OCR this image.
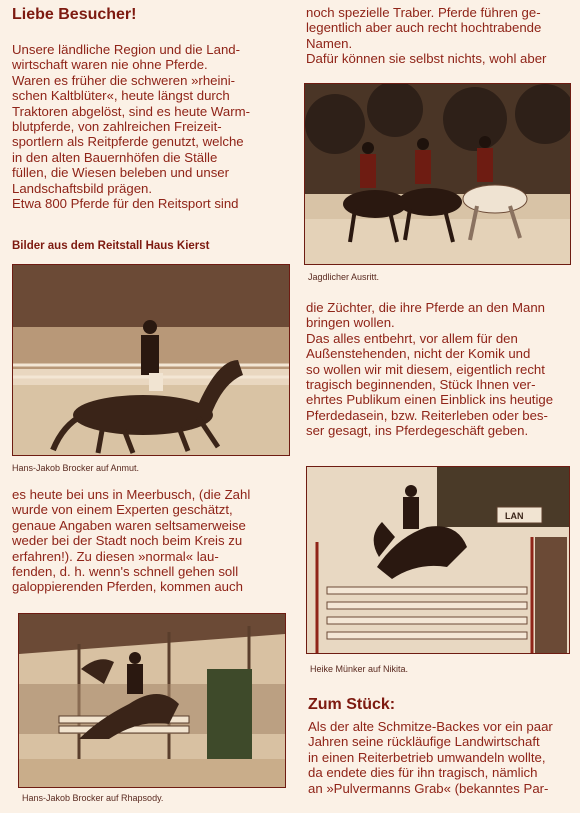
Liebe Besucher!
Unsere ländliche Region und die Land-
wirtschaft waren nie ohne Pferde.
Waren es früher die schweren »rheini-
schen Kaltblüter«, heute längst durch
Traktoren abgelöst, sind es heute Warm-
blutpferde, von zahlreichen Freizeit-
sportlern als Reitpferde genutzt, welche
in den alten Bauernhöfen die Ställe
füllen, die Wiesen beleben und unser
Landschaftsbild prägen.
Etwa 800 Pferde für den Reitsport sind
Bilder aus dem Reitstall Haus Kierst
Hans-Jakob Brocker auf Anmut.
es heute bei uns in Meerbusch, (die Zahl
wurde von einem Experten geschätzt,
genaue Angaben waren seltsamerweise
weder bei der Stadt noch beim Kreis zu
erfahren!). Zu diesen »normal« lau-
fenden, d. h. wenn's schnell gehen soll
galoppierenden Pferden, kommen auch
Hans-Jakob Brocker auf Rhapsody.
noch spezielle Traber. Pferde führen ge-
legentlich aber auch recht hochtrabende
Namen.
Dafür können sie selbst nichts, wohl aber
Jagdlicher Ausritt.
die Züchter, die ihre Pferde an den Mann
bringen wollen.
Das alles entbehrt, vor allem für den
Außenstehenden, nicht der Komik und
so wollen wir mit diesem, eigentlich recht
tragisch beginnenden, Stück Ihnen ver-
ehrtes Publikum einen Einblick ins heutige
Pferdedasein, bzw. Reiterleben oder bes-
ser gesagt, ins Pferdegeschäft geben.
LAN
Heike Münker auf Nikita.
Zum Stück:
Als der alte Schmitze-Backes vor ein paar
Jahren seine rückläufige Landwirtschaft
in einen Reiterbetrieb umwandeln wollte,
da endete dies für ihn tragisch, nämlich
an »Pulvermanns Grab« (bekanntes Par-
